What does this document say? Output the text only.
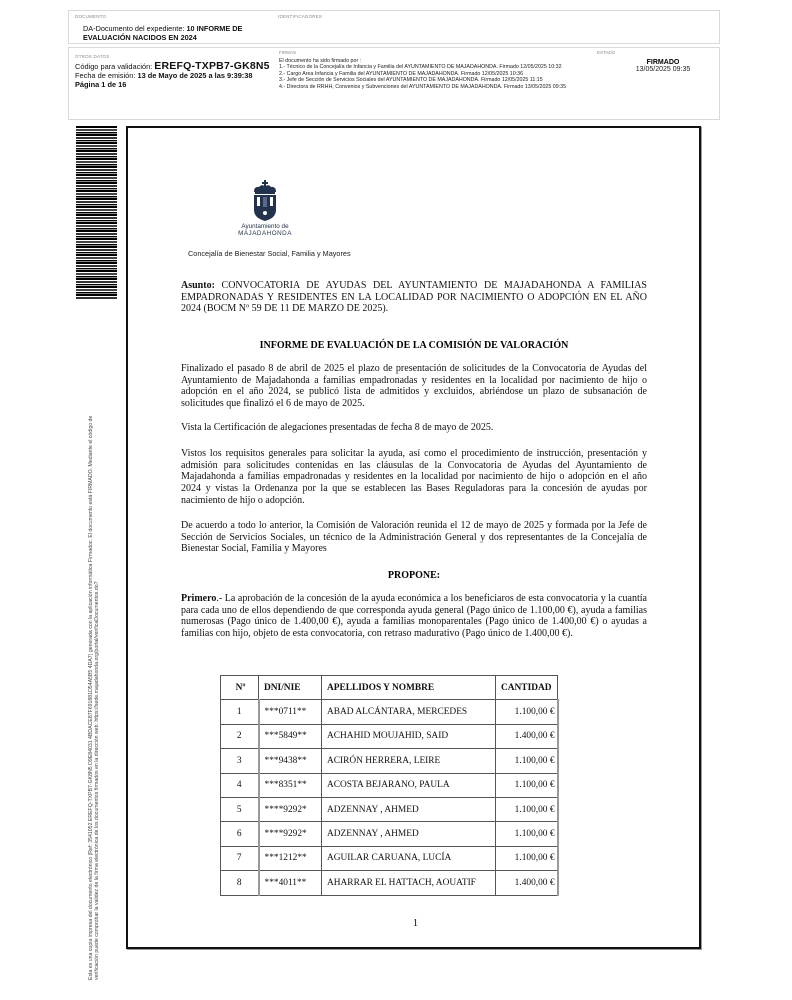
DOCUMENTO	IDENTIFICADORES
DA-Documento del expediente: 10 INFORME DE EVALUACIÓN NACIDOS EN 2024
OTROS DATOS
Código para validación: EREFQ-TXPB7-GK8N5
Fecha de emisión: 13 de Mayo de 2025 a las 9:39:38
Página 1 de 16
FIRMAS
El documento ha sido firmado por :
1.- Técnico de la Concejalía de Infancia y Familia del AYUNTAMIENTO DE MAJADAHONDA. Firmado 12/05/2025 10:32
2.- Cargo Area Infancia y Familia del AYUNTAMIENTO DE MAJADAHONDA. Firmado 12/05/2025 10:36
3.- Jefe de Sección de Servicios Sociales del AYUNTAMIENTO DE MAJADAHONDA. Firmado 12/05/2025 11:15
4.- Directora de RRHH, Convenios y Subvenciones del AYUNTAMIENTO DE MAJADAHONDA. Firmado 13/05/2025 09:35
ESTADO
FIRMADO
13/05/2025 09:35
Esta es una copia impresa del documento electrónico (Ref: 3541052 EREFQ-TXPB7-GK8N5 D9E84031 4BDACE87F691881D54A5B5 4DA7) generada con la aplicación informática Firmadoc. El documento está FIRMADO. Mediante el código de verificación puede comprobar la validez de la firma electrónica de los documentos firmados en la dirección web: https://sede.majadahonda.org/portal/verificaDocumentos.do?
Ayuntamiento de
MAJADAHONDA
Concejalía de Bienestar Social, Familia y Mayores
Asunto: CONVOCATORIA DE AYUDAS DEL AYUNTAMIENTO DE MAJADAHONDA A FAMILIAS EMPADRONADAS Y RESIDENTES EN LA LOCALIDAD POR NACIMIENTO O ADOPCIÓN EN EL AÑO 2024 (BOCM Nº 59 DE 11 DE MARZO DE 2025).
INFORME DE EVALUACIÓN DE LA COMISIÓN DE VALORACIÓN
Finalizado el pasado 8 de abril de 2025 el plazo de presentación de solicitudes de la Convocatoria de Ayudas del Ayuntamiento de Majadahonda a familias empadronadas y residentes en la localidad por nacimiento de hijo o adopción en el año 2024, se publicó lista de admitidos y excluidos, abriéndose un plazo de subsanación de solicitudes que finalizó el 6 de mayo de 2025.
Vista la Certificación de alegaciones presentadas de fecha 8 de mayo de 2025.
Vistos los requisitos generales para solicitar la ayuda, así como el procedimiento de instrucción, presentación y admisión para solicitudes contenidas en las cláusulas de la Convocatoria de Ayudas del Ayuntamiento de Majadahonda a familias empadronadas y residentes en la localidad por nacimiento de hijo o adopción en el año 2024 y vistas la Ordenanza por la que se establecen las Bases Reguladoras para la concesión de ayudas por nacimiento de hijo o adopción.
De acuerdo a todo lo anterior, la Comisión de Valoración reunida el 12 de mayo de 2025 y formada por la Jefe de Sección de Servicios Sociales, un técnico de la Administración General y dos representantes de la Concejalía de Bienestar Social, Familia y Mayores
PROPONE:
Primero.- La aprobación de la concesión de la ayuda económica a los beneficiaros de esta convocatoria y la cuantía para cada uno de ellos dependiendo de que corresponda ayuda general (Pago único de 1.100,00 €), ayuda a familias numerosas (Pago único de 1.400,00 €), ayuda a familias monoparentales (Pago único de 1.400,00 €) o ayudas a familias con hijo, objeto de esta convocatoria, con retraso madurativo (Pago único de 1.400,00 €).
Nº	DNI/NIE	APELLIDOS Y NOMBRE	CANTIDAD
1	***0711**	ABAD ALCÁNTARA, MERCEDES	1.100,00 €
2	***5849**	ACHAHID MOUJAHID, SAID	1.400,00 €
3	***9438**	ACIRÓN HERRERA, LEIRE	1.100,00 €
4	***8351**	ACOSTA BEJARANO, PAULA	1.100,00 €
5	****9292*	ADZENNAY , AHMED	1.100,00 €
6	****9292*	ADZENNAY , AHMED	1.100,00 €
7	***1212**	AGUILAR CARUANA, LUCÍA	1.100,00 €
8	***4011**	AHARRAR EL HATTACH, AOUATIF	1.400,00 €
1
